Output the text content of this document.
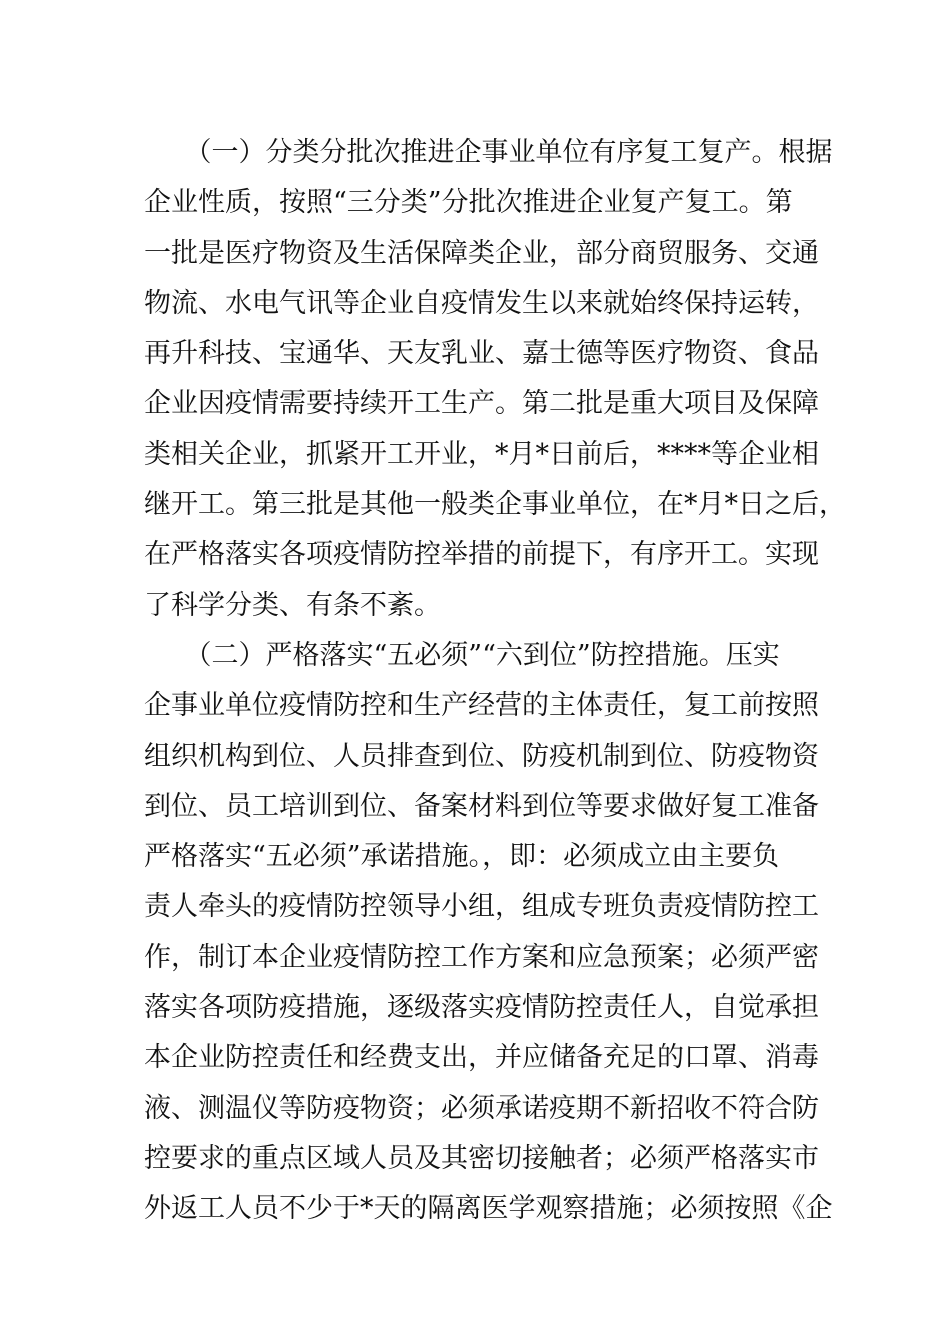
　　（一）分类分批次推进企事业单位有序复工复产。根据
企业性质，按照“三分类”分批次推进企业复产复工。第
一批是医疗物资及生活保障类企业，部分商贸服务、交通
物流、水电气讯等企业自疫情发生以来就始终保持运转，
再升科技、宝通华、天友乳业、嘉士德等医疗物资、食品
企业因疫情需要持续开工生产。第二批是重大项目及保障
类相关企业，抓紧开工开业，*月*日前后，****等企业相
继开工。第三批是其他一般类企事业单位，在*月*日之后，
在严格落实各项疫情防控举措的前提下，有序开工。实现
了科学分类、有条不紊。
　　（二）严格落实“五必须”“六到位”防控措施。压实
企事业单位疫情防控和生产经营的主体责任，复工前按照
组织机构到位、人员排查到位、防疫机制到位、防疫物资
到位、员工培训到位、备案材料到位等要求做好复工准备
严格落实“五必须”承诺措施。，即：必须成立由主要负
责人牵头的疫情防控领导小组，组成专班负责疫情防控工
作，制订本企业疫情防控工作方案和应急预案；必须严密
落实各项防疫措施，逐级落实疫情防控责任人，自觉承担
本企业防控责任和经费支出，并应储备充足的口罩、消毒
液、测温仪等防疫物资；必须承诺疫期不新招收不符合防
控要求的重点区域人员及其密切接触者；必须严格落实市
外返工人员不少于*天的隔离医学观察措施；必须按照《企
